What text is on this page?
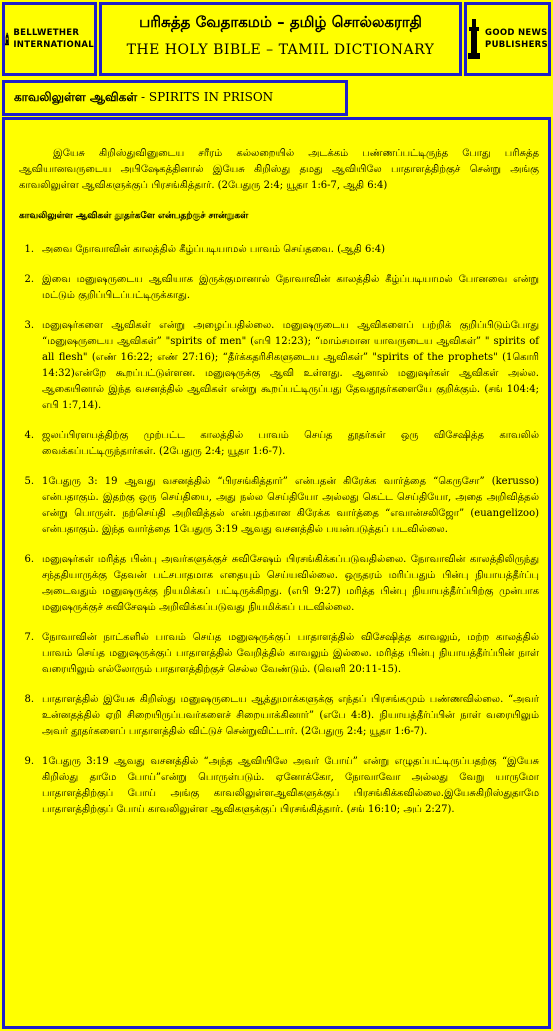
BELLWETHER
INTERNATIONAL
பரிசுத்த வேதாகமம் – தமிழ் சொல்லகராதி
THE HOLY BIBLE – TAMIL DICTIONARY
GOOD NEWS
PUBLISHERS
காவலிலுள்ள ஆவிகள் - SPIRITS IN PRISON

இயேசு கிறிஸ்துவினுடைய சரீரம் கல்லறையில் அடக்கம் பண்ணப்பட்டிருந்த போது பரிசுத்த ஆவியானவருடைய அபிஷேகத்தினால் இயேசு கிறிஸ்து தமது ஆவியிலே பாதாளத்திற்குச் சென்று அங்கு காவலிலுள்ள ஆவிகளுக்குப் பிரசங்கித்தார். (2பேதுரு 2:4; யூதா 1:6-7, ஆதி 6:4)

காவலிலுள்ள ஆவிகள் தூதர்களே என்பதற்குச் சான்றுகள்
1. அவை நோவாவின் காலத்தில் கீழ்ப்படியாமல் பாவம் செய்தவை. (ஆதி 6:4)
2. இவை மனுஷருடைய ஆவியாக இருக்குமானால் நோவாவின் காலத்தில் கீழ்ப்படியாமல் போனவை என்று மட்டும் குறிப்பிடப்பட்டிருக்காது.
3. மனுஷர்களை ஆவிகள் என்று அழைப்பதில்லை. மனுஷருடைய ஆவிகளைப் பற்றிக் குறிப்பிடும்போது “மனுஷருடைய ஆவிகள்” "spirits of men" (எபி 12:23); “மாம்சமான யாவருடைய ஆவிகள்” " spirits of all flesh" (எண் 16:22; எண் 27:16); “தீர்க்கதரிசிகளுடைய ஆவிகள்” "spirits of the prophets" (1கொரி 14:32)என்றே கூறப்பட்டுள்ளன. மனுஷருக்கு ஆவி உள்ளது. ஆனால் மனுஷர்கள் ஆவிகள் அல்ல. ஆகையினால் இந்த வசனத்தில் ஆவிகள் என்று கூறப்பட்டிருப்பது தேவதூதர்களையே குறிக்கும். (சங் 104:4; எபி 1:7,14).
4. ஜலப்பிரளயத்திற்கு முற்பட்ட காலத்தில் பாவம் செய்த தூதர்கள் ஒரு விசேஷித்த காவலில் வைக்கப்பட்டிருந்தார்கள். (2பேதுரு 2:4; யூதா 1:6-7).
5. 1பேதுரு 3: 19 ஆவது வசனத்தில் “பிரசங்கித்தார்” என்பதன் கிரேக்க வார்த்தை “கெருசோ” (kerusso) என்பதாகும். இதற்கு ஒரு செய்தியை, அது நல்ல செய்தியோ அல்லது கெட்ட செய்தியோ, அதை அறிவித்தல் என்று பொருள். நற்செய்தி அறிவித்தல் என்பதற்கான கிரேக்க வார்த்தை “எவான்சலிஜோ” (euangelizoo) என்பதாகும். இந்த வார்த்தை 1பேதுரு 3:19 ஆவது வசனத்தில் பயன்படுத்தப் படவில்லை.
6. மனுஷர்கள் மரித்த பின்பு அவர்களுக்குச் சுவிசேஷம் பிரசங்கிக்கப்படுவதில்லை. நோவாவின் காலத்திலிருந்து சந்ததியாருக்கு தேவன் பட்சபாதமாக எதையும் செய்யவில்லை. ஒருதரம் மரிப்பதும் பின்பு நியாயத்தீர்ப்பு அடைவதும் மனுஷருக்கு நியமிக்கப் பட்டிருக்கிறது. (எபி 9:27) மரித்த பின்பு நியாயத்தீர்ப்பிற்கு முன்பாக மனுஷருக்குச் சுவிசேஷம் அறிவிக்கப்படுவது நியமிக்கப் படவில்லை.
7. நோவாவின் நாட்களில் பாவம் செய்த மனுஷருக்குப் பாதாளத்தில் விசேஷித்த காவலும், மற்ற காலத்தில் பாவம் செய்த மனுஷருக்குப் பாதாளத்தில் வேறித்தில் காவலும் இல்லை. மரித்த பின்பு நியாயத்தீர்ப்பின் நாள் வரையிலும் எல்லோரும் பாதாளத்திற்குச் செல்ல வேண்டும். (வெளி 20:11-15).
8. பாதாளத்தில் இயேசு கிறிஸ்து மனுஷருடைய ஆத்துமாக்களுக்கு எந்தப் பிரசங்கமும் பண்ணவில்லை. “அவர் உன்னதத்தில் ஏறி சிறையிருப்பவர்களைச் சிறையாக்கினார்” (எபே 4:8). நியாயத்தீர்ப்பின் நாள் வரையிலும் அவர் தூதர்களைப் பாதாளத்தில் விட்டுச் சென்றுவிட்டார். (2பேதுரு 2:4; யூதா 1:6-7).
9. 1பேதுரு 3:19 ஆவது வசனத்தில் “அந்த ஆவியிலே அவர் போய்” என்று எழுதப்பட்டிருப்பதற்கு “இயேசு கிறிஸ்து தாமே போய்”என்று பொருள்படும். ஏனோக்கோ, நோவாவோ அல்லது வேறு யாருமோ பாதாளத்திற்குப் போய் அங்கு காவலிலுள்ளஆவிகளுக்குப் பிரசங்கிக்கவில்லை.இயேசுகிறிஸ்துதாமே பாதாளத்திற்குப் போய் காவலிலுள்ள ஆவிகளுக்குப் பிரசங்கித்தார். (சங் 16:10; அப் 2:27).
